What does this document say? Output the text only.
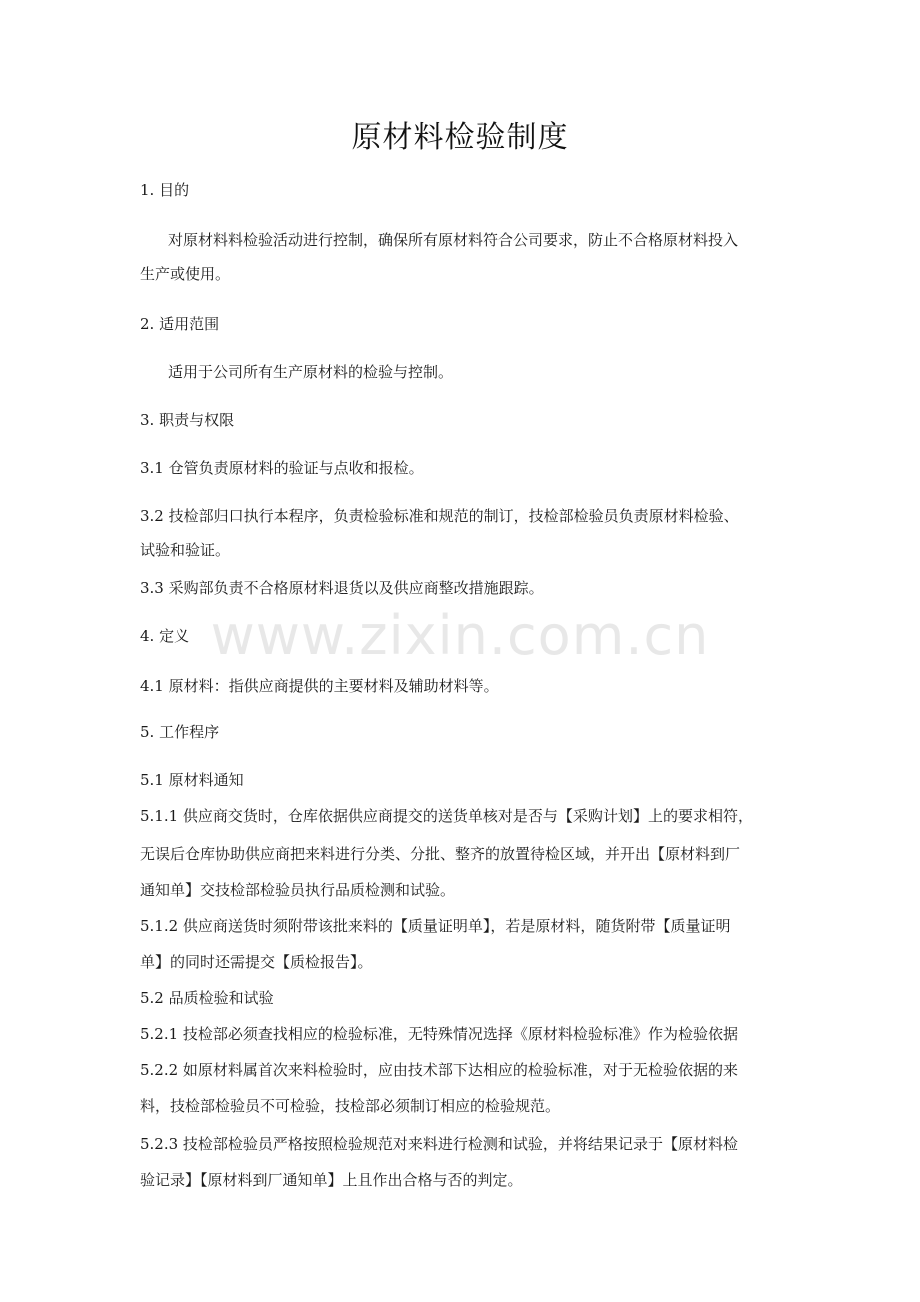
原材料检验制度

1. 目的

对原材料料检验活动进行控制，确保所有原材料符合公司要求，防止不合格原材料投入

生产或使用。

2. 适用范围

适用于公司所有生产原材料的检验与控制。

3. 职责与权限

3.1 仓管负责原材料的验证与点收和报检。

3.2 技检部归口执行本程序，负责检验标准和规范的制订，技检部检验员负责原材料检验、

试验和验证。

3.3 采购部负责不合格原材料退货以及供应商整改措施跟踪。

4. 定义

4.1 原材料：指供应商提供的主要材料及辅助材料等。

5. 工作程序

5.1 原材料通知

5.1.1 供应商交货时，仓库依据供应商提交的送货单核对是否与【采购计划】上的要求相符，

无误后仓库协助供应商把来料进行分类、分批、整齐的放置待检区域，并开出【原材料到厂

通知单】交技检部检验员执行品质检测和试验。

5.1.2 供应商送货时须附带该批来料的【质量证明单】，若是原材料，随货附带【质量证明

单】的同时还需提交【质检报告】。

5.2 品质检验和试验

5.2.1 技检部必须查找相应的检验标准，无特殊情况选择《原材料检验标准》作为检验依据

5.2.2 如原材料属首次来料检验时，应由技术部下达相应的检验标准，对于无检验依据的来

料，技检部检验员不可检验，技检部必须制订相应的检验规范。

5.2.3 技检部检验员严格按照检验规范对来料进行检测和试验，并将结果记录于【原材料检

验记录】【原材料到厂通知单】上且作出合格与否的判定。

www.zixin.com.cn
